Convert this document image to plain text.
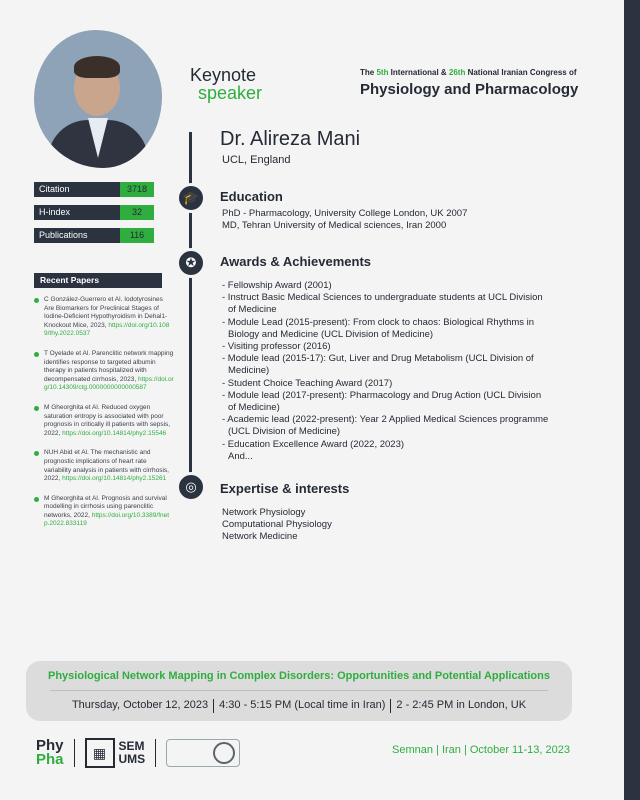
Keynote
speaker
The 5th International & 26th National Iranian Congress of
Physiology and Pharmacology
Dr. Alireza Mani
UCL, England
🎓	Education
PhD - Pharmacology, University College London, UK 2007
MD, Tehran University of Medical sciences, Iran 2000
✪	Awards & Achievements
- Fellowship Award (2001)
- Instruct Basic Medical Sciences to undergraduate students at UCL Division
of Medicine
- Module Lead (2015-present): From clock to chaos: Biological Rhythms in
Biology and Medicine (UCL Division of Medicine)
- Visiting professor (2016)
- Module lead (2015-17): Gut, Liver and Drug Metabolism (UCL Division of
Medicine)
- Student Choice Teaching Award (2017)
- Module lead (2017-present): Pharmacology and Drug Action (UCL Division
of Medicine)
- Academic lead (2022-present): Year 2 Applied Medical Sciences programme
(UCL Division of Medicine)
- Education Excellence Award (2022, 2023)
And...
◎	Expertise & interests
Network Physiology
Computational Physiology
Network Medicine
Citation	3718
H-index	32
Publications	116
Recent Papers
C González-Guerrero et Al. Iodotyrosines Are Biomarkers for Preclinical Stages of Iodine-Deficient Hypothyroidism in Dehal1-Knockout Mice, 2023, https://doi.org/10.1089/thy.2022.0537
T Oyelade et Al. Parenclitic network mapping identifies response to targeted albumin therapy in patients hospitalized with decompensated cirrhosis, 2023, https://doi.org/10.14309/ctg.0000000000000587
M Gheorghita et Al. Reduced oxygen saturation entropy is associated with poor prognosis in critically ill patients with sepsis, 2022, https://doi.org/10.14814/phy2.15546
NUH Abid et Al. The mechanistic and prognostic implications of heart rate variability analysis in patients with cirrhosis, 2022, https://doi.org/10.14814/phy2.15261
M Gheorghita et Al. Prognosis and survival modelling in cirrhosis using parenclitic networks, 2022, https://doi.org/10.3389/fnetp.2022.833119
Physiological Network Mapping in Complex Disorders: Opportunities and Potential Applications
Thursday, October 12, 2023 4:30 - 5:15 PM (Local time in Iran) 2 - 2:45 PM in London, UK
Phy
Pha	▦	SEM
UMS
Semnan | Iran | October 11-13, 2023
